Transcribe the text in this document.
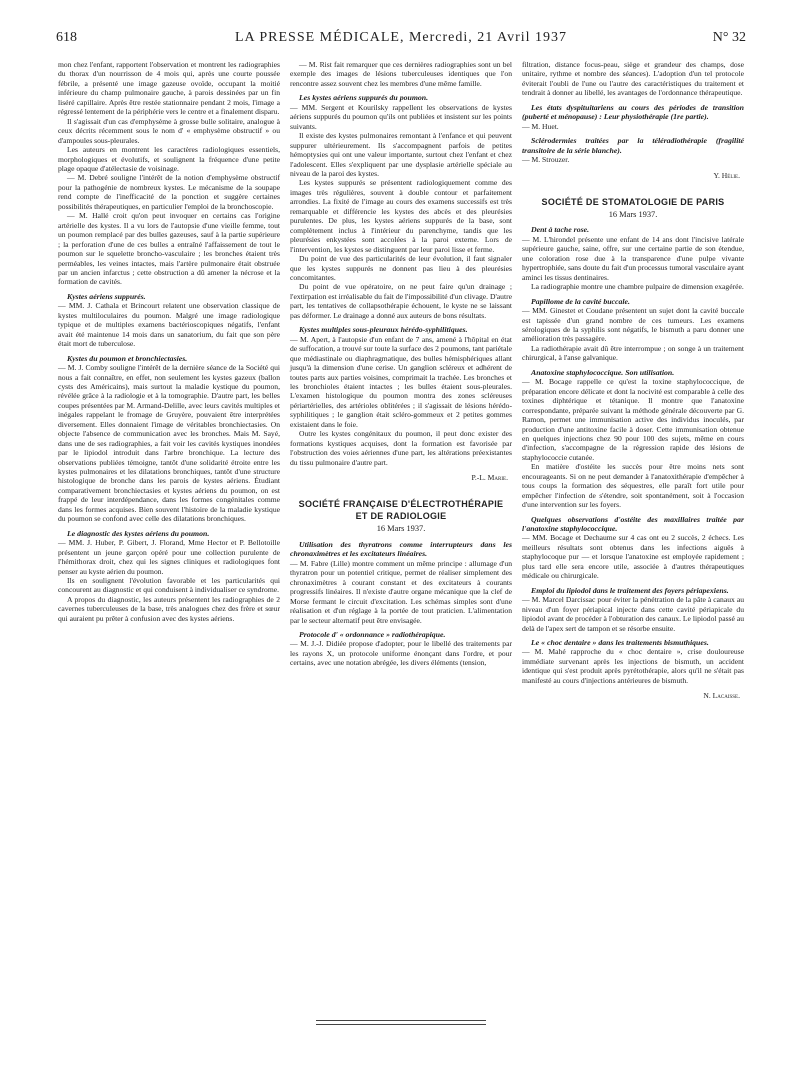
618	LA PRESSE MÉDICALE, Mercredi, 21 Avril 1937	N° 32

mon chez l'enfant, rapportent l'observation et montrent les radiographies du thorax d'un nourrisson de 4 mois qui, après une courte poussée fébrile, a présenté une image gazeuse ovoïde, occupant la moitié inférieure du champ pulmonaire gauche, à parois dessinées par un fin liséré capillaire. Après être restée stationnaire pendant 2 mois, l'image a régressé lentement de la périphérie vers le centre et a finalement disparu.

Il s'agissait d'un cas d'emphysème à grosse bulle solitaire, analogue à ceux décrits récemment sous le nom d' « emphysème obstructif » ou d'ampoules sous-pleurales.

Les auteurs en montrent les caractères radiologiques essentiels, morphologiques et évolutifs, et soulignent la fréquence d'une petite plage opaque d'atélectasie de voisinage.

— M. Debré souligne l'intérêt de la notion d'emphysème obstructif pour la pathogénie de nombreux kystes. Le mécanisme de la soupape rend compte de l'inefficacité de la ponction et suggère certaines possibilités thérapeutiques, en particulier l'emploi de la bronchoscopie.

— M. Hallé croit qu'on peut invoquer en certains cas l'origine artérielle des kystes. Il a vu lors de l'autopsie d'une vieille femme, tout un poumon remplacé par des bulles gazeuses, sauf à la partie supérieure ; la perforation d'une de ces bulles a entraîné l'affaissement de tout le poumon sur le squelette broncho-vasculaire ; les bronches étaient très perméables, les veines intactes, mais l'artère pulmonaire était obstruée par un ancien infarctus ; cette obstruction a dû amener la nécrose et la formation de cavités.

Kystes aériens suppurés.

— MM. J. Cathala et Brincourt relatent une observation classique de kystes multiloculaires du poumon. Malgré une image radiologique typique et de multiples examens bactérioscopiques négatifs, l'enfant avait été maintenue 14 mois dans un sanatorium, du fait que son père était mort de tuberculose.

Kystes du poumon et bronchiectasies.

— M. J. Comby souligne l'intérêt de la dernière séance de la Société qui nous a fait connaître, en effet, non seulement les kystes gazeux (ballon cysts des Américains), mais surtout la maladie kystique du poumon, révélée grâce à la radiologie et à la tomographie. D'autre part, les belles coupes présentées par M. Armand-Delille, avec leurs cavités multiples et inégales rappelant le fromage de Gruyère, pouvaient être interprétées diversement. Elles donnaient l'image de véritables bronchiectasies. On objecte l'absence de communication avec les bronches. Mais M. Sayé, dans une de ses radiographies, a fait voir les cavités kystiques inondées par le lipiodol introduit dans l'arbre bronchique. La lecture des observations publiées témoigne, tantôt d'une solidarité étroite entre les kystes pulmonaires et les dilatations bronchiques, tantôt d'une structure histologique de bronche dans les parois de kystes aériens. Étudiant comparativement bronchiectasies et kystes aériens du poumon, on est frappé de leur interdépendance, dans les formes congénitales comme dans les formes acquises. Bien souvent l'histoire de la maladie kystique du poumon se confond avec celle des dilatations bronchiques.

Le diagnostic des kystes aériens du poumon.

— MM. J. Huber, P. Gibert, J. Florand, Mme Hector et P. Bellotoille présentent un jeune garçon opéré pour une collection purulente de l'hémithorax droit, chez qui les signes cliniques et radiologiques font penser au kyste aérien du poumon.

Ils en soulignent l'évolution favorable et les particularités qui concourent au diagnostic et qui conduisent à individualiser ce syndrome.

A propos du diagnostic, les auteurs présentent les radiographies de 2 cavernes tuberculeuses de la base, très analogues chez des frère et sœur qui auraient pu prêter à confusion avec des kystes aériens.

— M. Rist fait remarquer que ces dernières radiographies sont un bel exemple des images de lésions tuberculeuses identiques que l'on rencontre assez souvent chez les membres d'une même famille.

Les kystes aériens suppurés du poumon.

— MM. Sergent et Kourilsky rappellent les observations de kystes aériens suppurés du poumon qu'ils ont publiées et insistent sur les points suivants.

Il existe des kystes pulmonaires remontant à l'enfance et qui peuvent suppurer ultérieurement. Ils s'accompagnent parfois de petites hémoptysies qui ont une valeur importante, surtout chez l'enfant et chez l'adolescent. Elles s'expliquent par une dysplasie artérielle spéciale au niveau de la paroi des kystes.

Les kystes suppurés se présentent radiologiquement comme des images très régulières, souvent à double contour et parfaitement arrondies. La fixité de l'image au cours des examens successifs est très remarquable et différencie les kystes des abcès et des pleurésies purulentes. De plus, les kystes aériens suppurés de la base, sont complètement inclus à l'intérieur du parenchyme, tandis que les pleurésies enkystées sont accolées à la paroi externe. Lors de l'intervention, les kystes se distinguent par leur paroi lisse et ferme.

Du point de vue des particularités de leur évolution, il faut signaler que les kystes suppurés ne donnent pas lieu à des pleurésies concomitantes.

Du point de vue opératoire, on ne peut faire qu'un drainage ; l'extirpation est irréalisable du fait de l'impossibilité d'un clivage. D'autre part, les tentatives de collapsothérapie échouent, le kyste ne se laissant pas déformer. Le drainage a donné aux auteurs de bons résultats.

Kystes multiples sous-pleuraux hérédo-syphilitiques.

— M. Apert, à l'autopsie d'un enfant de 7 ans, amené à l'hôpital en état de suffocation, a trouvé sur toute la surface des 2 poumons, tant pariétale que médiastinale ou diaphragmatique, des bulles hémisphériques allant jusqu'à la dimension d'une cerise. Un ganglion scléreux et adhérent de toutes parts aux parties voisines, comprimait la trachée. Les bronches et les bronchioles étaient intactes ; les bulles étaient sous-pleurales. L'examen histologique du poumon montra des zones scléreuses périartérielles, des artérioles oblitérées ; il s'agissait de lésions hérédo-syphilitiques ; le ganglion était scléro-gommeux et 2 petites gommes existaient dans le foie.

Outre les kystes congénitaux du poumon, il peut donc exister des formations kystiques acquises, dont la formation est favorisée par l'obstruction des voies aériennes d'une part, les altérations préexistantes du tissu pulmonaire d'autre part.

P.-L. Marie.
SOCIÉTÉ FRANÇAISE D'ÉLECTROTHÉRAPIE
ET DE RADIOLOGIE
16 Mars 1937.
Utilisation des thyratrons comme interrupteurs dans les chronaximètres et les excitateurs linéaires.

— M. Fabre (Lille) montre comment un même principe : allumage d'un thyratron pour un potentiel critique, permet de réaliser simplement des chronaximètres à courant constant et des excitateurs à courants progressifs linéaires. Il n'existe d'autre organe mécanique que la clef de Morse fermant le circuit d'excitation. Les schémas simples sont d'une réalisation et d'un réglage à la portée de tout praticien. L'alimentation par le secteur alternatif peut être envisagée.

Protocole d' « ordonnance » radiothérapique.

— M. J.-J. Didiée propose d'adopter, pour le libellé des traitements par les rayons X, un protocole uniforme énonçant dans l'ordre, et pour certains, avec une notation abrégée, les divers éléments (tension,

filtration, distance focus-peau, siège et grandeur des champs, dose unitaire, rythme et nombre des séances). L'adoption d'un tel protocole éviterait l'oubli de l'une ou l'autre des caractéristiques du traitement et tendrait à donner au libellé, les avantages de l'ordonnance thérapeutique.

Les états dyspituitariens au cours des périodes de transition (puberté et ménopause) : Leur physiothérapie (1re partie).

— M. Huet.

Sclérodermies traitées par la téléradiothérapie (fragilité transitoire de la série blanche).

— M. Strouzer.

Y. Hélie.
SOCIÉTÉ DE STOMATOLOGIE DE PARIS
16 Mars 1937.
Dent à tache rose.

— M. L'hirondel présente une enfant de 14 ans dont l'incisive latérale supérieure gauche, saine, offre, sur une certaine partie de son étendue, une coloration rose due à la transparence d'une pulpe vivante hypertrophiée, sans doute du fait d'un processus tumoral vasculaire ayant aminci les tissus dentinaires.

La radiographie montre une chambre pulpaire de dimension exagérée.

Papillome de la cavité buccale.

— MM. Ginestet et Coudane présentent un sujet dont la cavité buccale est tapissée d'un grand nombre de ces tumeurs. Les examens sérologiques de la syphilis sont négatifs, le bismuth a paru donner une amélioration très passagère.

La radiothérapie avait dû être interrompue ; on songe à un traitement chirurgical, à l'anse galvanique.

Anatoxine staphylococcique. Son utilisation.

— M. Bocage rappelle ce qu'est la toxine staphylococcique, de préparation encore délicate et dont la nocivité est comparable à celle des toxines diphtérique et tétanique. Il montre que l'anatoxine correspondante, préparée suivant la méthode générale découverte par G. Ramon, permet une immunisation active des individus inoculés, par production d'une antitoxine facile à doser. Cette immunisation obtenue en quelques injections chez 90 pour 100 des sujets, même en cours d'infection, s'accompagne de la régression rapide des lésions de staphylococcie cutanée.

En matière d'ostéite les succès pour être moins nets sont encourageants. Si on ne peut demander à l'anatoxithérapie d'empêcher à tous coups la formation des séquestres, elle paraît fort utile pour empêcher l'infection de s'étendre, soit spontanément, soit à l'occasion d'une intervention sur les foyers.

Quelques observations d'ostéite des maxillaires traitée par l'anatoxine staphylococcique.

— MM. Bocage et Dechaume sur 4 cas ont eu 2 succès, 2 échecs. Les meilleurs résultats sont obtenus dans les infections aiguës à staphylocoque pur — et lorsque l'anatoxine est employée rapidement ; plus tard elle sera encore utile, associée à d'autres thérapeutiques médicale ou chirurgicale.

Emploi du lipiodol dans le traitement des foyers périapexiens.

— M. Marcel Darcissac pour éviter la pénétration de la pâte à canaux au niveau d'un foyer périapical injecte dans cette cavité périapicale du lipiodol avant de procéder à l'obturation des canaux. Le lipiodol passé au delà de l'apex sert de tampon et se résorbe ensuite.

Le « choc dentaire » dans les traitements bismuthiques.

— M. Mahé rapproche du « choc dentaire », crise douloureuse immédiate survenant après les injections de bismuth, un accident identique qui s'est produit après pyrétothérapie, alors qu'il ne s'était pas manifesté au cours d'injections antérieures de bismuth.

N. Lacaisse.
